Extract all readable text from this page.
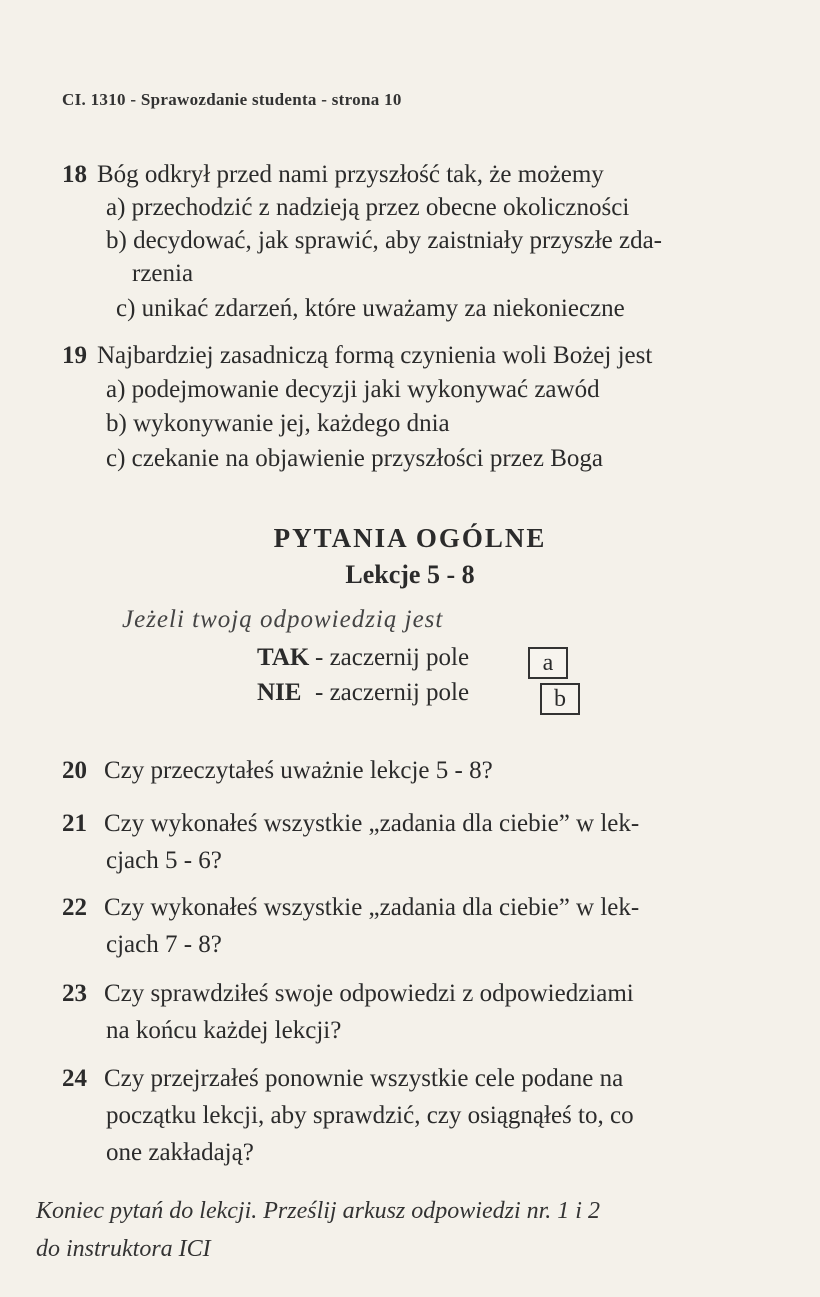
CI. 1310 - Sprawozdanie studenta - strona 10
18 Bóg odkrył przed nami przyszłość tak, że możemy
a) przechodzić z nadzieją przez obecne okoliczności
b) decydować, jak sprawić, aby zaistniały przyszłe zda-
rzenia
c) unikać zdarzeń, które uważamy za niekonieczne
19 Najbardziej zasadniczą formą czynienia woli Bożej jest
a) podejmowanie decyzji jaki wykonywać zawód
b) wykonywanie jej, każdego dnia
c) czekanie na objawienie przyszłości przez Boga
PYTANIA OGÓLNE
Lekcje 5 - 8
Jeżeli twoją odpowiedzią jest
TAK - zaczernij pole	a
NIE - zaczernij pole	b
20 Czy przeczytałeś uważnie lekcje 5 - 8?
21 Czy wykonałeś wszystkie „zadania dla ciebie” w lek-
cjach 5 - 6?
22 Czy wykonałeś wszystkie „zadania dla ciebie” w lek-
cjach 7 - 8?
23 Czy sprawdziłeś swoje odpowiedzi z odpowiedziami
na końcu każdej lekcji?
24 Czy przejrzałeś ponownie wszystkie cele podane na
początku lekcji, aby sprawdzić, czy osiągnąłeś to, co
one zakładają?
Koniec pytań do lekcji. Prześlij arkusz odpowiedzi nr. 1 i 2
do instruktora ICI
